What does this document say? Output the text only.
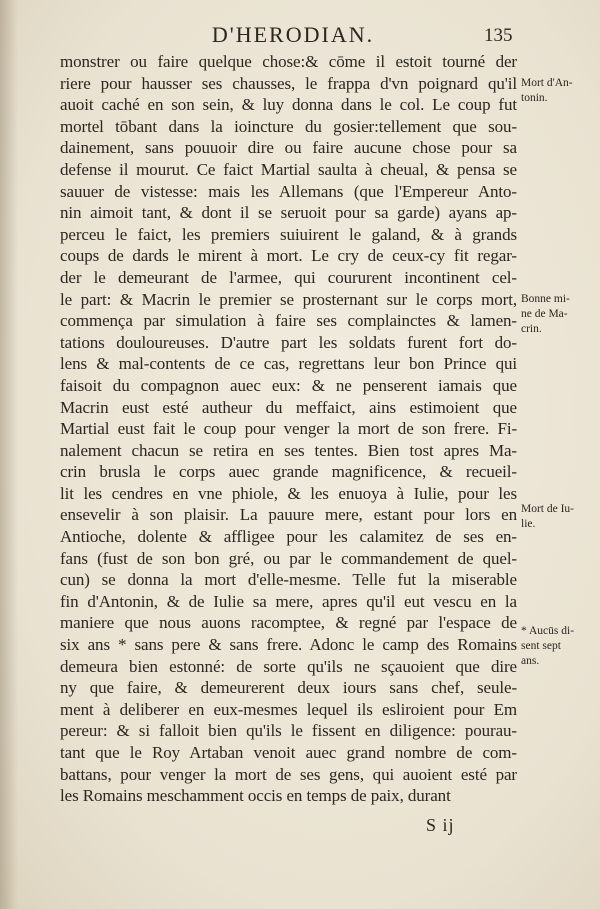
D'HERODIAN.	135
monstrer ou faire quelque chose:& cōme il estoit tourné der
riere pour hausser ses chausses, le frappa d'vn poignard qu'il
auoit caché en son sein, & luy donna dans le col. Le coup fut
mortel tōbant dans la ioincture du gosier:tellement que sou-
dainement, sans pouuoir dire ou faire aucune chose pour sa
defense il mourut. Ce faict Martial saulta à cheual, & pensa se
sauuer de vistesse: mais les Allemans (que l'Empereur Anto-
nin aimoit tant, & dont il se seruoit pour sa garde) ayans ap-
perceu le faict, les premiers suiuirent le galand, & à grands
coups de dards le mirent à mort. Le cry de ceux-cy fit regar-
der le demeurant de l'armee, qui coururent incontinent cel-
le part: & Macrin le premier se prosternant sur le corps mort,
commença par simulation à faire ses complainctes & lamen-
tations douloureuses. D'autre part les soldats furent fort do-
lens & mal-contents de ce cas, regrettans leur bon Prince qui
faisoit du compagnon auec eux: & ne penserent iamais que
Macrin eust esté autheur du meffaict, ains estimoient que
Martial eust fait le coup pour venger la mort de son frere. Fi-
nalement chacun se retira en ses tentes. Bien tost apres Ma-
crin brusla le corps auec grande magnificence, & recueil-
lit les cendres en vne phiole, & les enuoya à Iulie, pour les
ensevelir à son plaisir. La pauure mere, estant pour lors en
Antioche, dolente & affligee pour les calamitez de ses en-
fans (fust de son bon gré, ou par le commandement de quel-
cun) se donna la mort d'elle-mesme. Telle fut la miserable
fin d'Antonin, & de Iulie sa mere, apres qu'il eut vescu en la
maniere que nous auons racomptee, & regné par l'espace de
six ans * sans pere & sans frere. Adonc le camp des Romains
demeura bien estonné: de sorte qu'ils ne sçauoient que dire
ny que faire, & demeurerent deux iours sans chef, seule-
ment à deliberer en eux-mesmes lequel ils esliroient pour Em
pereur: & si falloit bien qu'ils le fissent en diligence: pourau-
tant que le Roy Artaban venoit auec grand nombre de com-
battans, pour venger la mort de ses gens, qui auoient esté par
les Romains meschamment occis en temps de paix, durant
Mort d'An-
tonin.
Bonne mi-
ne de Ma-
crin.
Mort de Iu-
lie.
* Aucūs di-
sent sept
ans.
S ij
